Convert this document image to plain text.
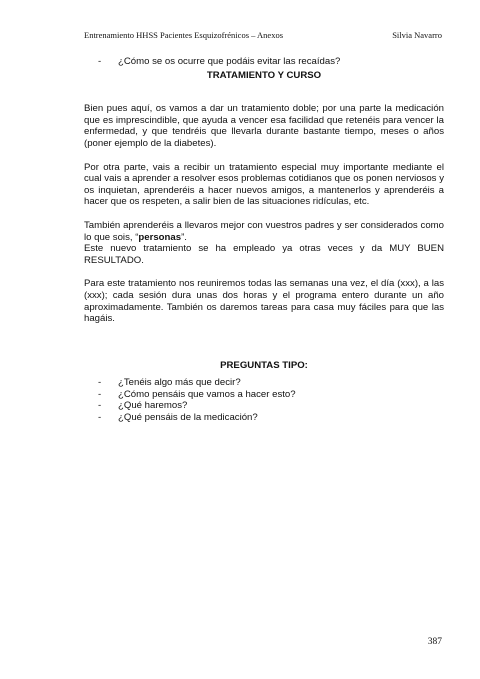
Entrenamiento HHSS Pacientes Esquizofrénicos – Anexos	Silvia Navarro
-	¿Cómo se os ocurre que podáis evitar las recaídas?
TRATAMIENTO Y CURSO

Bien pues aquí, os vamos a dar un tratamiento doble; por una parte la medicación que es imprescindible, que ayuda a vencer esa facilidad que retenéis para vencer la enfermedad, y que tendréis que llevarla durante bastante tiempo, meses o años (poner ejemplo de la diabetes).

Por otra parte, vais a recibir un tratamiento especial muy importante mediante el cual vais a aprender a resolver esos problemas cotidianos que os ponen nerviosos y os inquietan, aprenderéis a hacer nuevos amigos, a mantenerlos y aprenderéis a hacer que os respeten, a salir bien de las situaciones ridículas, etc.

También aprenderéis a llevaros mejor con vuestros padres y ser considerados como lo que sois, “personas”.

Este nuevo tratamiento se ha empleado ya otras veces y da MUY BUEN RESULTADO.

Para este tratamiento nos reuniremos todas las semanas una vez, el día (xxx), a las (xxx); cada sesión dura unas dos horas y el programa entero durante un año aproximadamente. También os daremos tareas para casa muy fáciles para que las hagáis.

PREGUNTAS TIPO:
-	¿Tenéis algo más que decir?
-	¿Cómo pensáis que vamos a hacer esto?
-	¿Qué haremos?
-	¿Qué pensáis de la medicación?
387
